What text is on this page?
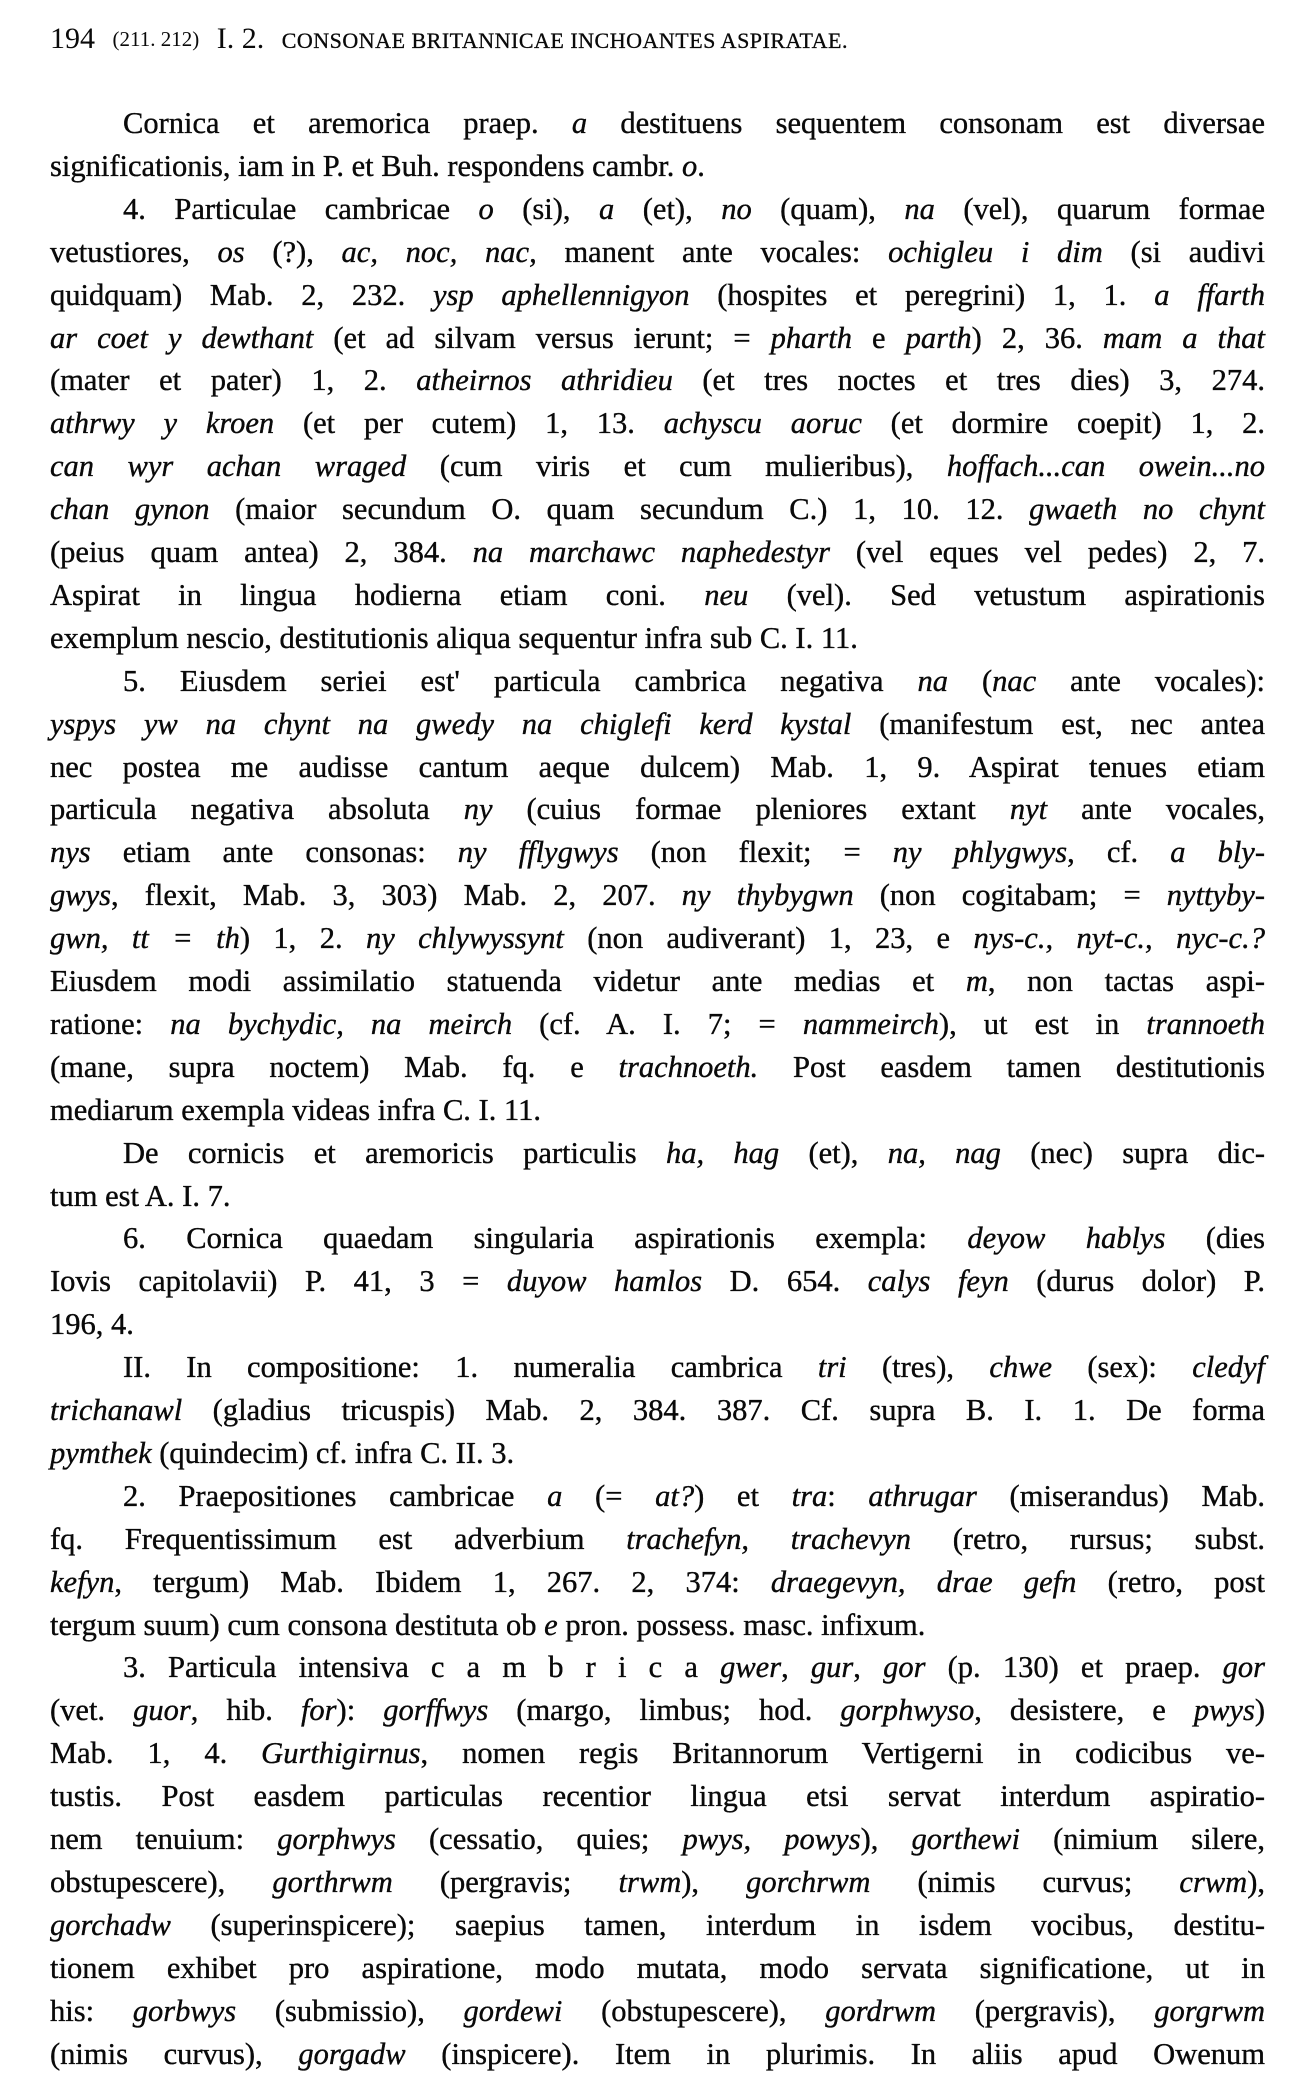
194 (211. 212) I. 2. CONSONAE BRITANNICAE INCHOANTES ASPIRATAE.
Cornica et aremorica praep. a destituens sequentem consonam est diversae
significationis, iam in P. et Buh. respondens cambr. o.
4. Particulae cambricae o (si), a (et), no (quam), na (vel), quarum formae
vetustiores, os (?), ac, noc, nac, manent ante vocales: ochigleu i dim (si audivi
quidquam) Mab. 2, 232. ysp aphellennigyon (hospites et peregrini) 1, 1. a ffarth
ar coet y dewthant (et ad silvam versus ierunt; = pharth e parth) 2, 36. mam a that
(mater et pater) 1, 2. atheirnos athridieu (et tres noctes et tres dies) 3, 274.
athrwy y kroen (et per cutem) 1, 13. achyscu aoruc (et dormire coepit) 1, 2.
can wyr achan wraged (cum viris et cum mulieribus), hoffach...can owein...no
chan gynon (maior secundum O. quam secundum C.) 1, 10. 12. gwaeth no chynt
(peius quam antea) 2, 384. na marchawc naphedestyr (vel eques vel pedes) 2, 7.
Aspirat in lingua hodierna etiam coni. neu (vel). Sed vetustum aspirationis
exemplum nescio, destitutionis aliqua sequentur infra sub C. I. 11.
5. Eiusdem seriei est' particula cambrica negativa na (nac ante vocales):
yspys yw na chynt na gwedy na chiglefi kerd kystal (manifestum est, nec antea
nec postea me audisse cantum aeque dulcem) Mab. 1, 9. Aspirat tenues etiam
particula negativa absoluta ny (cuius formae pleniores extant nyt ante vocales,
nys etiam ante consonas: ny fflygwys (non flexit; = ny phlygwys, cf. a bly-
gwys, flexit, Mab. 3, 303) Mab. 2, 207. ny thybygwn (non cogitabam; = nyttyby-
gwn, tt = th) 1, 2. ny chlywyssynt (non audiverant) 1, 23, e nys-c., nyt-c., nyc-c.?
Eiusdem modi assimilatio statuenda videtur ante medias et m, non tactas aspi-
ratione: na bychydic, na meirch (cf. A. I. 7; = nammeirch), ut est in trannoeth
(mane, supra noctem) Mab. fq. e trachnoeth. Post easdem tamen destitutionis
mediarum exempla videas infra C. I. 11.
De cornicis et aremoricis particulis ha, hag (et), na, nag (nec) supra dic-
tum est A. I. 7.
6. Cornica quaedam singularia aspirationis exempla: deyow hablys (dies
Iovis capitolavii) P. 41, 3 = duyow hamlos D. 654. calys feyn (durus dolor) P.
196, 4.
II. In compositione: 1. numeralia cambrica tri (tres), chwe (sex): cledyf
trichanawl (gladius tricuspis) Mab. 2, 384. 387. Cf. supra B. I. 1. De forma
pymthek (quindecim) cf. infra C. II. 3.
2. Praepositiones cambricae a (= at?) et tra: athrugar (miserandus) Mab.
fq. Frequentissimum est adverbium trachefyn, trachevyn (retro, rursus; subst.
kefyn, tergum) Mab. Ibidem 1, 267. 2, 374: draegevyn, drae gefn (retro, post
tergum suum) cum consona destituta ob e pron. possess. masc. infixum.
3. Particula intensiva c a m b r i c a gwer, gur, gor (p. 130) et praep. gor
(vet. guor, hib. for): gorffwys (margo, limbus; hod. gorphwyso, desistere, e pwys)
Mab. 1, 4. Gurthigirnus, nomen regis Britannorum Vertigerni in codicibus ve-
tustis. Post easdem particulas recentior lingua etsi servat interdum aspiratio-
nem tenuium: gorphwys (cessatio, quies; pwys, powys), gorthewi (nimium silere,
obstupescere), gorthrwm (pergravis; trwm), gorchrwm (nimis curvus; crwm),
gorchadw (superinspicere); saepius tamen, interdum in isdem vocibus, destitu-
tionem exhibet pro aspiratione, modo mutata, modo servata significatione, ut in
his: gorbwys (submissio), gordewi (obstupescere), gordrwm (pergravis), gorgrwm
(nimis curvus), gorgadw (inspicere). Item in plurimis. In aliis apud Owenum
